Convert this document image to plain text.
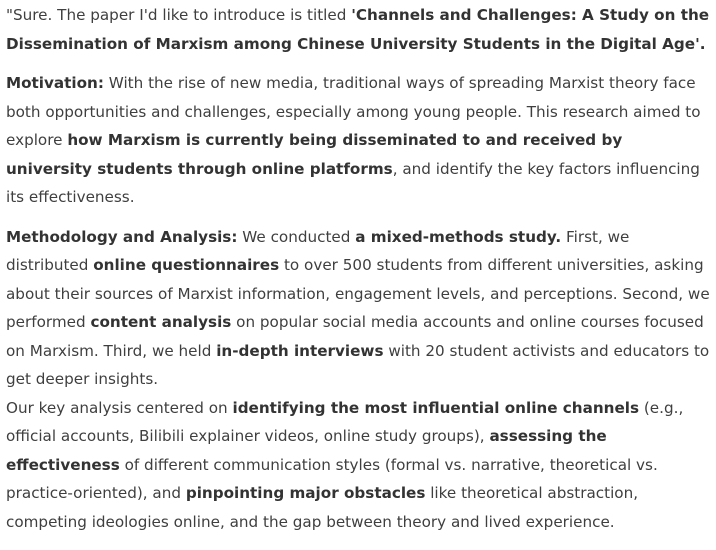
"Sure. The paper I'd like to introduce is titled 'Channels and Challenges: A Study on the Dissemination of Marxism among Chinese University Students in the Digital Age'.

Motivation: With the rise of new media, traditional ways of spreading Marxist theory face both opportunities and challenges, especially among young people. This research aimed to explore how Marxism is currently being disseminated to and received by university students through online platforms, and identify the key factors influencing its effectiveness.

Methodology and Analysis: We conducted a mixed-methods study. First, we distributed online questionnaires to over 500 students from different universities, asking about their sources of Marxist information, engagement levels, and perceptions. Second, we performed content analysis on popular social media accounts and online courses focused on Marxism. Third, we held in-depth interviews with 20 student activists and educators to get deeper insights.

Our key analysis centered on identifying the most influential online channels (e.g., official accounts, Bilibili explainer videos, online study groups), assessing the effectiveness of different communication styles (formal vs. narrative, theoretical vs. practice-oriented), and pinpointing major obstacles like theoretical abstraction, competing ideologies online, and the gap between theory and lived experience.
